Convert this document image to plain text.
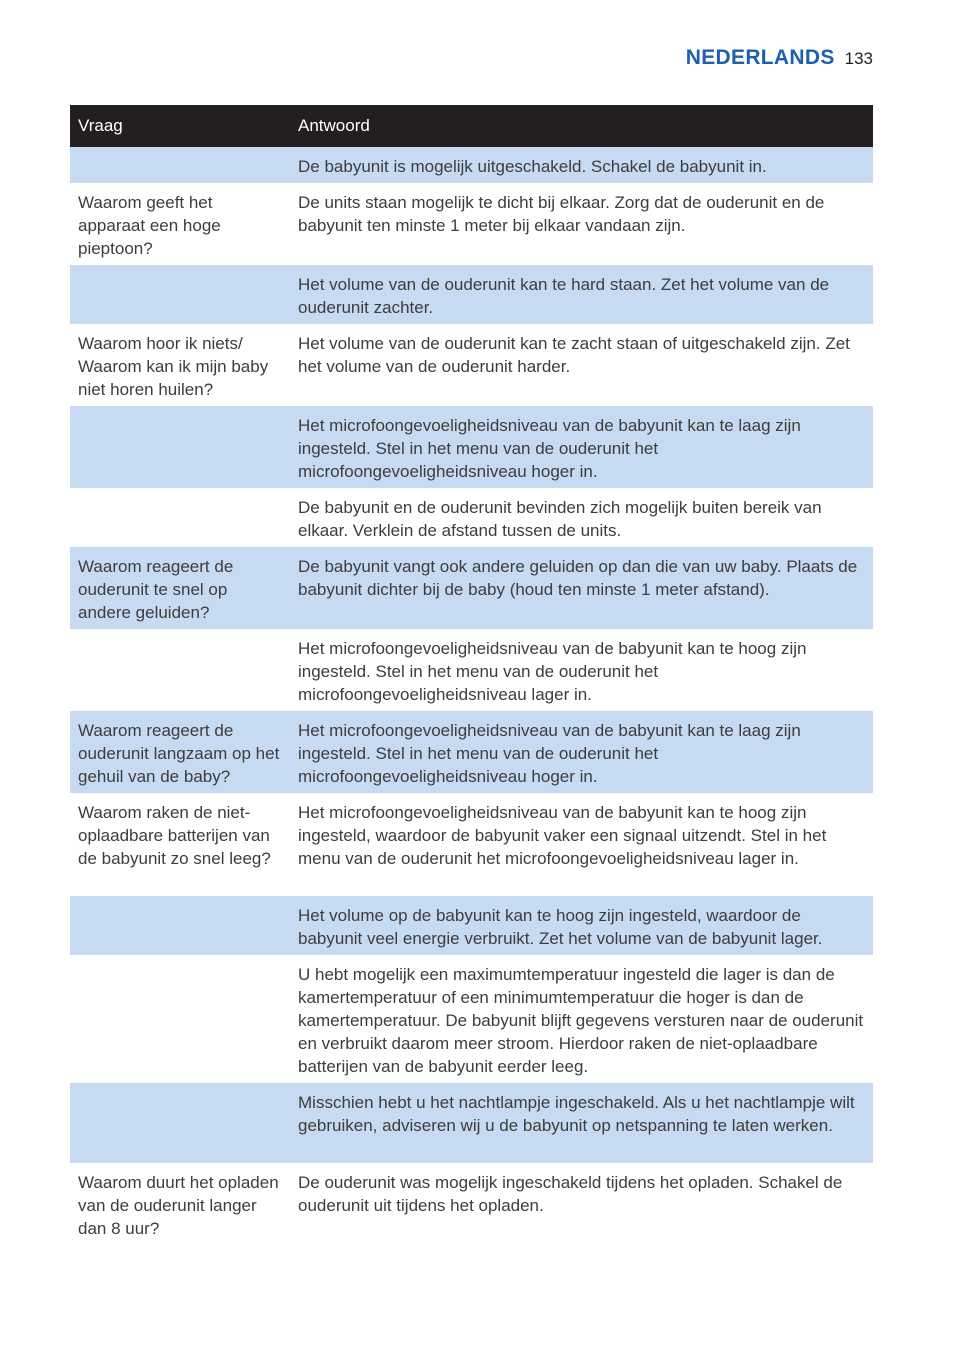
NEDERLANDS 133
Vraag	Antwoord
	De babyunit is mogelijk uitgeschakeld. Schakel de babyunit in.
Waarom geeft het apparaat een hoge pieptoon?	De units staan mogelijk te dicht bij elkaar. Zorg dat de ouderunit en de babyunit ten minste 1 meter bij elkaar vandaan zijn.
	Het volume van de ouderunit kan te hard staan. Zet het volume van de ouderunit zachter.
Waarom hoor ik niets/ Waarom kan ik mijn baby niet horen huilen?	Het volume van de ouderunit kan te zacht staan of uitgeschakeld zijn. Zet het volume van de ouderunit harder.
	Het microfoongevoeligheidsniveau van de babyunit kan te laag zijn ingesteld. Stel in het menu van de ouderunit het microfoongevoeligheidsniveau hoger in.
	De babyunit en de ouderunit bevinden zich mogelijk buiten bereik van elkaar. Verklein de afstand tussen de units.
Waarom reageert de ouderunit te snel op andere geluiden?	De babyunit vangt ook andere geluiden op dan die van uw baby. Plaats de babyunit dichter bij de baby (houd ten minste 1 meter afstand).
	Het microfoongevoeligheidsniveau van de babyunit kan te hoog zijn ingesteld. Stel in het menu van de ouderunit het microfoongevoeligheidsniveau lager in.
Waarom reageert de ouderunit langzaam op het gehuil van de baby?	Het microfoongevoeligheidsniveau van de babyunit kan te laag zijn ingesteld. Stel in het menu van de ouderunit het microfoongevoeligheidsniveau hoger in.
Waarom raken de niet-oplaadbare batterijen van de babyunit zo snel leeg?	Het microfoongevoeligheidsniveau van de babyunit kan te hoog zijn ingesteld, waardoor de babyunit vaker een signaal uitzendt. Stel in het menu van de ouderunit het microfoongevoeligheidsniveau lager in.
	Het volume op de babyunit kan te hoog zijn ingesteld, waardoor de babyunit veel energie verbruikt. Zet het volume van de babyunit lager.
	U hebt mogelijk een maximumtemperatuur ingesteld die lager is dan de kamertemperatuur of een minimumtemperatuur die hoger is dan de kamertemperatuur. De babyunit blijft gegevens versturen naar de ouderunit en verbruikt daarom meer stroom. Hierdoor raken de niet-oplaadbare batterijen van de babyunit eerder leeg.
	Misschien hebt u het nachtlampje ingeschakeld. Als u het nachtlampje wilt gebruiken, adviseren wij u de babyunit op netspanning te laten werken.
Waarom duurt het opladen van de ouderunit langer dan 8 uur?	De ouderunit was mogelijk ingeschakeld tijdens het opladen. Schakel de ouderunit uit tijdens het opladen.
